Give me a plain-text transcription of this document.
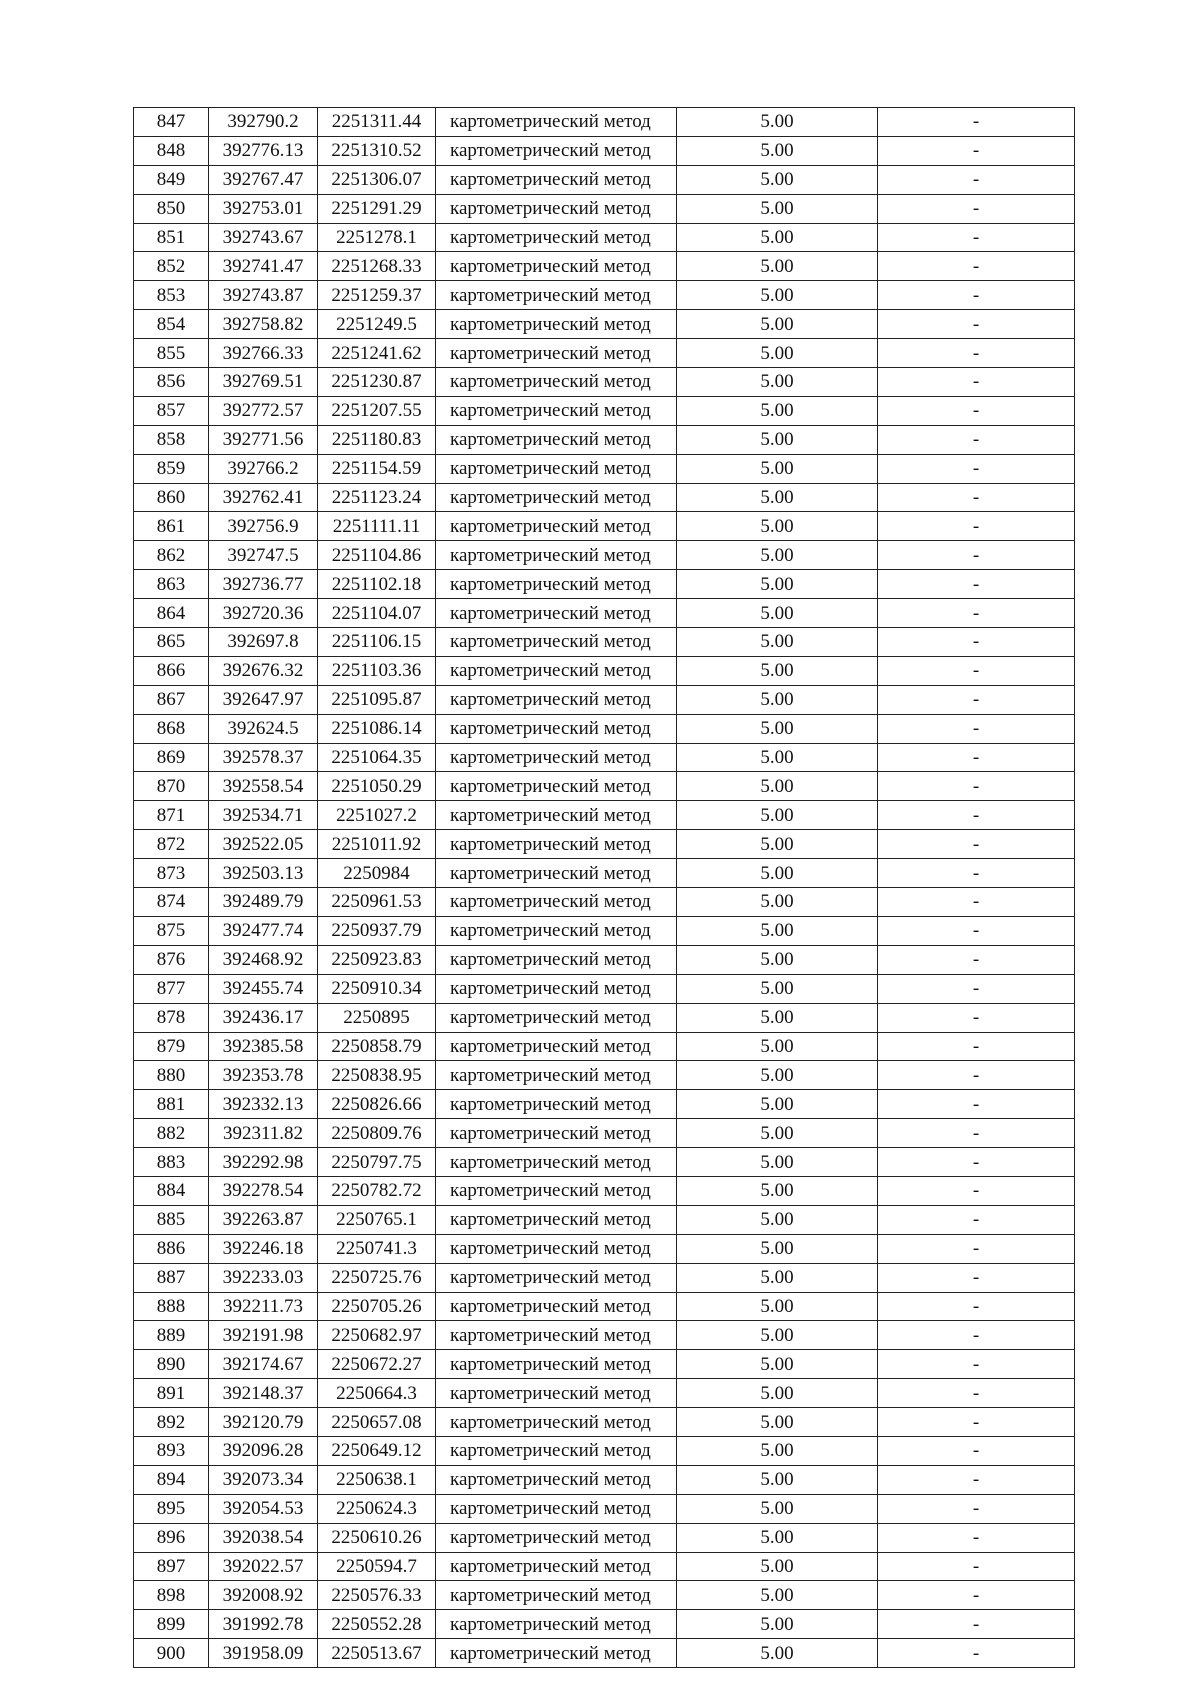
847	392790.2	2251311.44	картометрический метод	5.00	-
848	392776.13	2251310.52	картометрический метод	5.00	-
849	392767.47	2251306.07	картометрический метод	5.00	-
850	392753.01	2251291.29	картометрический метод	5.00	-
851	392743.67	2251278.1	картометрический метод	5.00	-
852	392741.47	2251268.33	картометрический метод	5.00	-
853	392743.87	2251259.37	картометрический метод	5.00	-
854	392758.82	2251249.5	картометрический метод	5.00	-
855	392766.33	2251241.62	картометрический метод	5.00	-
856	392769.51	2251230.87	картометрический метод	5.00	-
857	392772.57	2251207.55	картометрический метод	5.00	-
858	392771.56	2251180.83	картометрический метод	5.00	-
859	392766.2	2251154.59	картометрический метод	5.00	-
860	392762.41	2251123.24	картометрический метод	5.00	-
861	392756.9	2251111.11	картометрический метод	5.00	-
862	392747.5	2251104.86	картометрический метод	5.00	-
863	392736.77	2251102.18	картометрический метод	5.00	-
864	392720.36	2251104.07	картометрический метод	5.00	-
865	392697.8	2251106.15	картометрический метод	5.00	-
866	392676.32	2251103.36	картометрический метод	5.00	-
867	392647.97	2251095.87	картометрический метод	5.00	-
868	392624.5	2251086.14	картометрический метод	5.00	-
869	392578.37	2251064.35	картометрический метод	5.00	-
870	392558.54	2251050.29	картометрический метод	5.00	-
871	392534.71	2251027.2	картометрический метод	5.00	-
872	392522.05	2251011.92	картометрический метод	5.00	-
873	392503.13	2250984	картометрический метод	5.00	-
874	392489.79	2250961.53	картометрический метод	5.00	-
875	392477.74	2250937.79	картометрический метод	5.00	-
876	392468.92	2250923.83	картометрический метод	5.00	-
877	392455.74	2250910.34	картометрический метод	5.00	-
878	392436.17	2250895	картометрический метод	5.00	-
879	392385.58	2250858.79	картометрический метод	5.00	-
880	392353.78	2250838.95	картометрический метод	5.00	-
881	392332.13	2250826.66	картометрический метод	5.00	-
882	392311.82	2250809.76	картометрический метод	5.00	-
883	392292.98	2250797.75	картометрический метод	5.00	-
884	392278.54	2250782.72	картометрический метод	5.00	-
885	392263.87	2250765.1	картометрический метод	5.00	-
886	392246.18	2250741.3	картометрический метод	5.00	-
887	392233.03	2250725.76	картометрический метод	5.00	-
888	392211.73	2250705.26	картометрический метод	5.00	-
889	392191.98	2250682.97	картометрический метод	5.00	-
890	392174.67	2250672.27	картометрический метод	5.00	-
891	392148.37	2250664.3	картометрический метод	5.00	-
892	392120.79	2250657.08	картометрический метод	5.00	-
893	392096.28	2250649.12	картометрический метод	5.00	-
894	392073.34	2250638.1	картометрический метод	5.00	-
895	392054.53	2250624.3	картометрический метод	5.00	-
896	392038.54	2250610.26	картометрический метод	5.00	-
897	392022.57	2250594.7	картометрический метод	5.00	-
898	392008.92	2250576.33	картометрический метод	5.00	-
899	391992.78	2250552.28	картометрический метод	5.00	-
900	391958.09	2250513.67	картометрический метод	5.00	-
